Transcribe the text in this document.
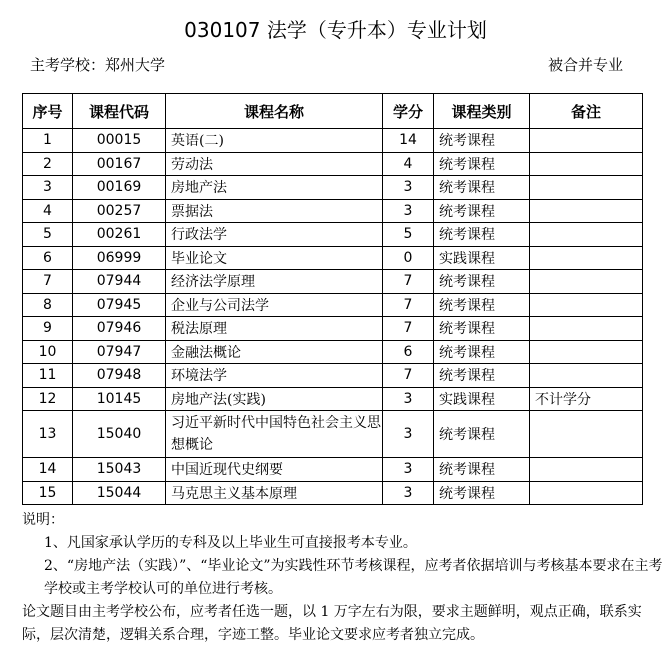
030107 法学（专升本）专业计划
主考学校：郑州大学	被合并专业
序号	课程代码	课程名称	学分	课程类别	备注
1	00015	英语(二)	14	统考课程	
2	00167	劳动法	4	统考课程	
3	00169	房地产法	3	统考课程	
4	00257	票据法	3	统考课程	
5	00261	行政法学	5	统考课程	
6	06999	毕业论文	0	实践课程	
7	07944	经济法学原理	7	统考课程	
8	07945	企业与公司法学	7	统考课程	
9	07946	税法原理	7	统考课程	
10	07947	金融法概论	6	统考课程	
11	07948	环境法学	7	统考课程	
12	10145	房地产法(实践)	3	实践课程	不计学分
13	15040	习近平新时代中国特色社会主义思想概论	3	统考课程	
14	15043	中国近现代史纲要	3	统考课程	
15	15044	马克思主义基本原理	3	统考课程	

说明：

1、凡国家承认学历的专科及以上毕业生可直接报考本专业。

2、“房地产法（实践）”、“毕业论文”为实践性环节考核课程，应考者依据培训与考核基本要求在主考学校或主考学校认可的单位进行考核。

论文题目由主考学校公布，应考者任选一题，以 1 万字左右为限，要求主题鲜明，观点正确，联系实际，层次清楚，逻辑关系合理，字迹工整。毕业论文要求应考者独立完成。
